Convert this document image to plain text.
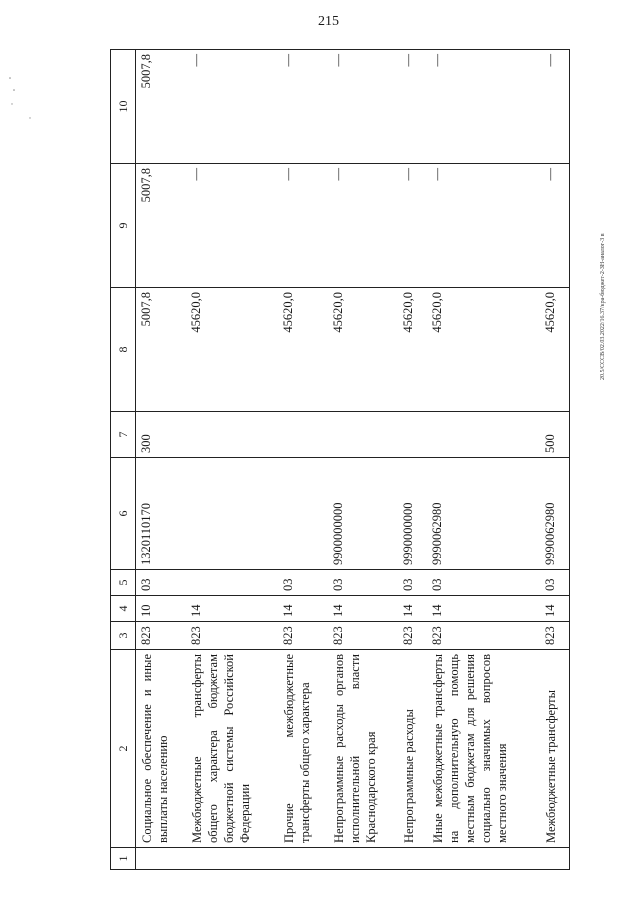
215
20.5/СССВ/02.03.2022/16.37/кра-бюджет-2-ЗН-аналог-3 в
1	2	3	4	5	6	7	8	9	10
	Социальное обеспечение и иные выплаты населению	823	10	03	1320110170	300	5007,8	5007,8	5007,8
	Межбюджетные трансферты общего характера бюджетам бюджетной системы Российской Федерации	823	14				45620,0	—	—
	Прочие межбюджетные трансферты общего характера	823	14	03			45620,0	—	—
	Непрограммные расходы органов исполнительной власти Краснодарского края	823	14	03	9900000000		45620,0	—	—
	Непрограммные расходы	823	14	03	9990000000		45620,0	—	—
	Иные межбюджетные трансферты на дополнительную помощь местным бюджетам для решения социально значимых вопросов местного значения	823	14	03	9990062980		45620,0	—	—
	Межбюджетные трансферты	823	14	03	9990062980	500	45620,0	—	—
